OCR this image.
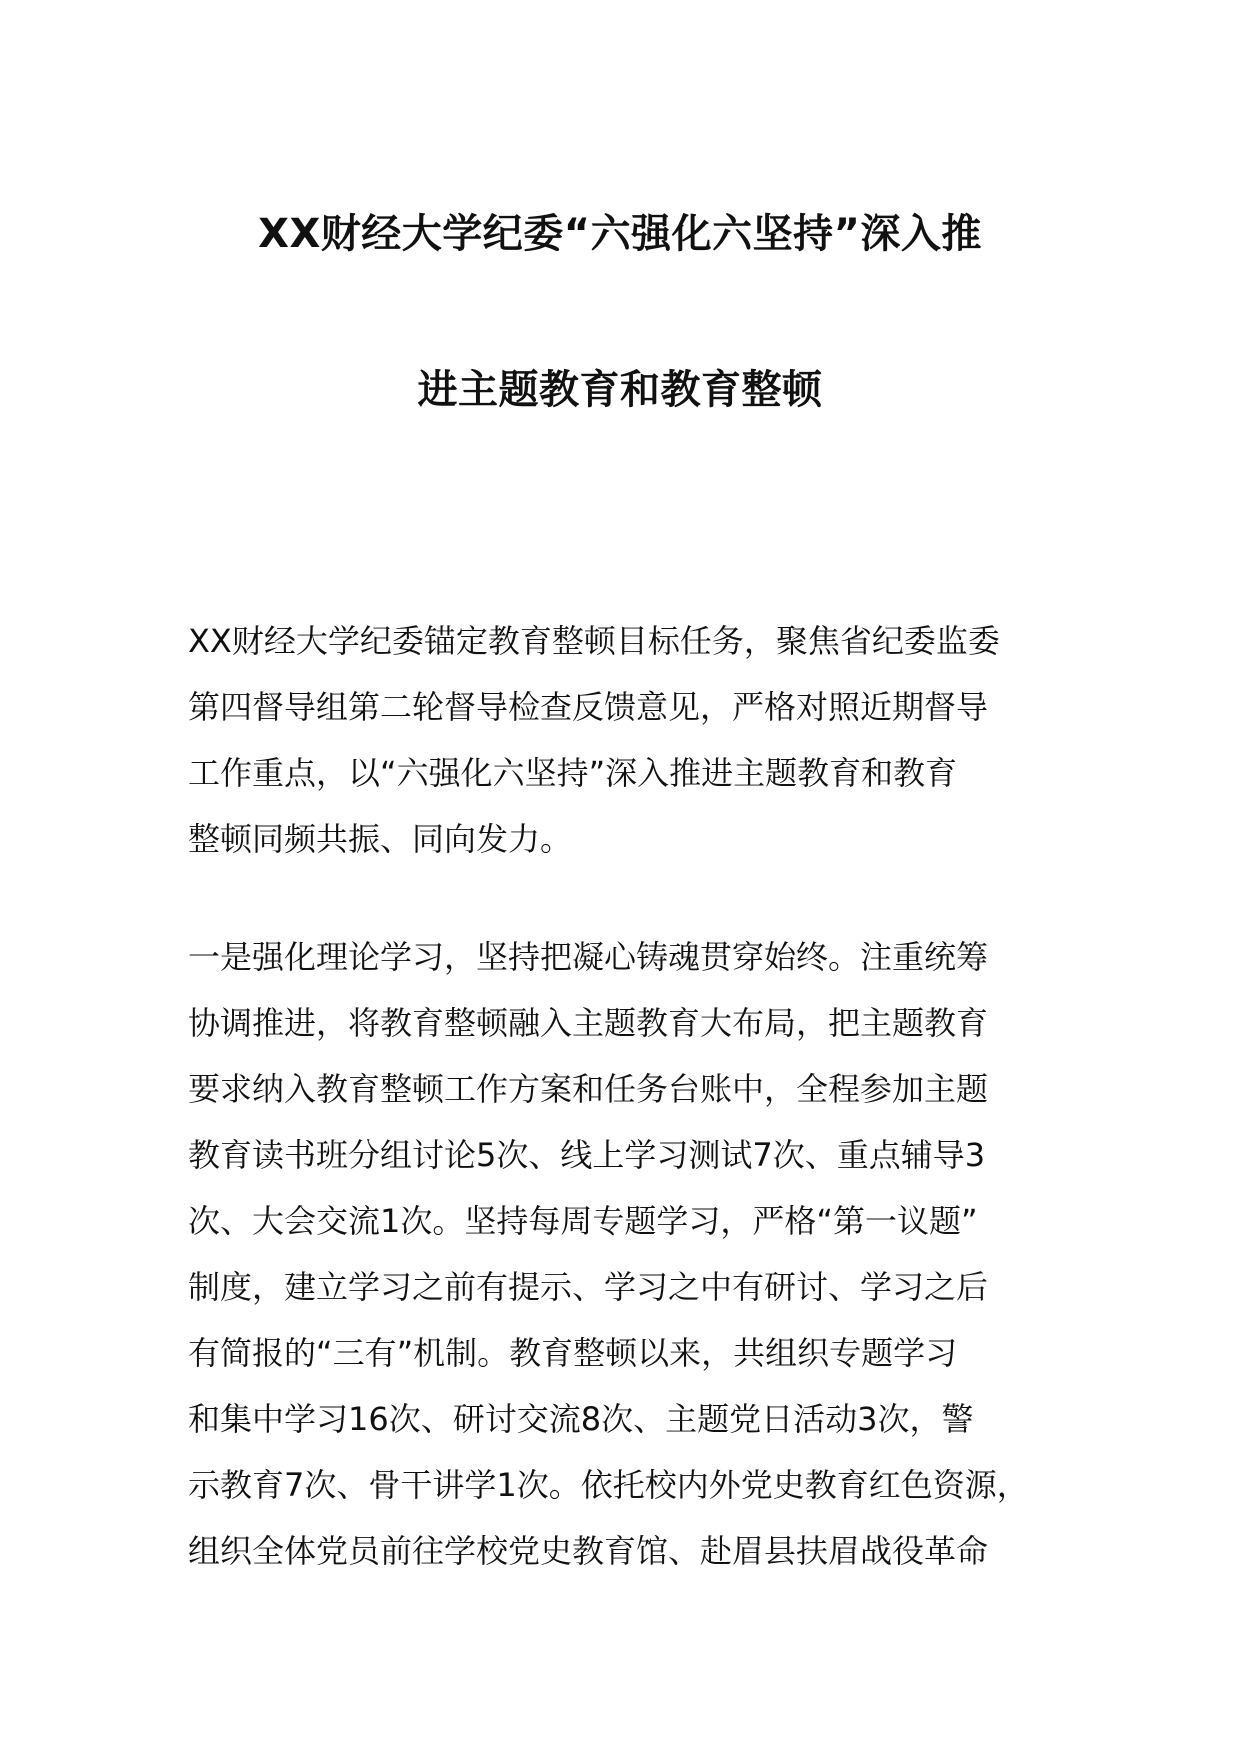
XX财经大学纪委“六强化六坚持”深入推
进主题教育和教育整顿

XX财经大学纪委锚定教育整顿目标任务，聚焦省纪委监委

第四督导组第二轮督导检查反馈意见，严格对照近期督导

工作重点，以“六强化六坚持”深入推进主题教育和教育

整顿同频共振、同向发力。

一是强化理论学习，坚持把凝心铸魂贯穿始终。注重统筹

协调推进，将教育整顿融入主题教育大布局，把主题教育

要求纳入教育整顿工作方案和任务台账中，全程参加主题

教育读书班分组讨论5次、线上学习测试7次、重点辅导3

次、大会交流1次。坚持每周专题学习，严格“第一议题”

制度，建立学习之前有提示、学习之中有研讨、学习之后

有简报的“三有”机制。教育整顿以来，共组织专题学习

和集中学习16次、研讨交流8次、主题党日活动3次，警

示教育7次、骨干讲学1次。依托校内外党史教育红色资源，

组织全体党员前往学校党史教育馆、赴眉县扶眉战役革命
